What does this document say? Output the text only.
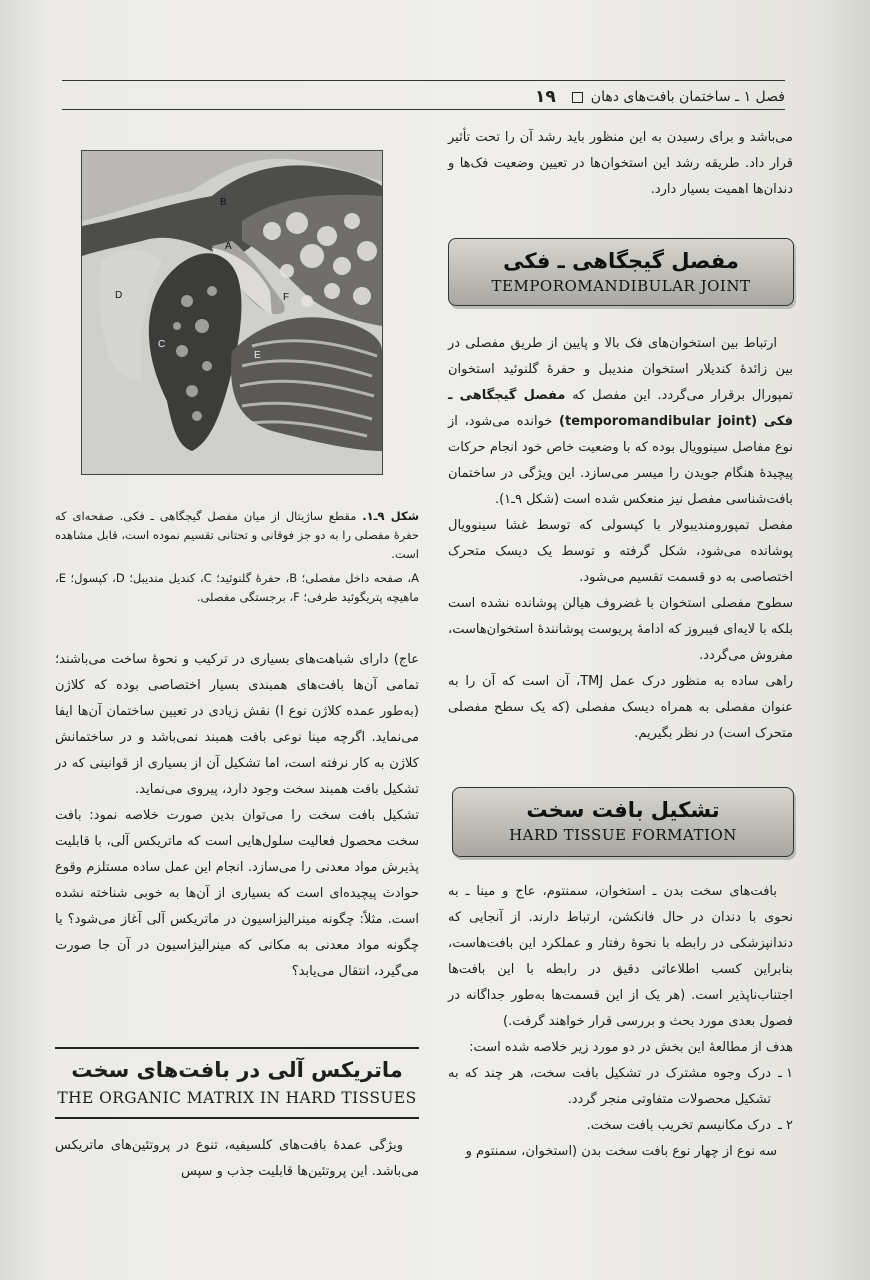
۱۹	فصل ۱ ـ ساختمان بافت‌های دهان

می‌باشد و برای رسیدن به این منظور باید رشد آن را تحت تأثیر قرار داد. طریقه رشد این استخوان‌ها در تعیین وضعیت فک‌ها و دندان‌ها اهمیت بسیار دارد.

مفصل گیجگاهی ـ فکی
TEMPOROMANDIBULAR JOINT

ارتباط بین استخوان‌های فک بالا و پایین از طریق مفصلی در بین زائدهٔ کندیلار استخوان مندیبل و حفرهٔ گلنوئید استخوان تمپورال برقرار می‌گردد. این مفصل که مفصل گیجگاهی ـ فکی (temporomandibular joint) خوانده می‌شود، از نوع مفاصل سینوویال بوده که با وضعیت خاص خود انجام حرکات پیچیدهٔ هنگام جویدن را میسر می‌سازد. این ویژگی در ساختمان بافت‌شناسی مفصل نیز منعکس شده است (شکل ۹ـ۱).

مفصل تمپورومندیبولار با کپسولی که توسط غشا سینوویال پوشانده می‌شود، شکل گرفته و توسط یک دیسک متحرک اختصاصی به دو قسمت تقسیم می‌شود.

سطوح مفصلی استخوان با غضروف هیالن پوشانده نشده است بلکه با لایه‌ای فیبروز که ادامهٔ پریوست پوشانندهٔ استخوان‌هاست، مفروش می‌گردد.

راهی ساده به منظور درک عمل TMJ، آن است که آن را به عنوان مفصلی به همراه دیسک مفصلی (که یک سطح مفصلی متحرک است) در نظر بگیریم.

تشکیل بافت سخت
HARD TISSUE FORMATION

بافت‌های سخت بدن ـ استخوان، سمنتوم، عاج و مینا ـ به نحوی با دندان در حال فانکشن، ارتباط دارند. از آنجایی که دندانپزشکی در رابطه با نحوهٔ رفتار و عملکرد این بافت‌هاست، بنابراین کسب اطلاعاتی دقیق در رابطه با این بافت‌ها اجتناب‌ناپذیر است. (هر یک از این قسمت‌ها به‌طور جداگانه در فصول بعدی مورد بحث و بررسی قرار خواهند گرفت.)

هدف از مطالعهٔ این بخش در دو مورد زیر خلاصه شده است:

۱ ـ
درک وجوه مشترک در تشکیل بافت سخت، هر چند که به تشکیل محصولات متفاوتی منجر گردد.
۲ ـ
درک مکانیسم تخریب بافت سخت.

سه نوع از چهار نوع بافت سخت بدن (استخوان، سمنتوم و

A
B
C
D
E
F
شکل ۹ـ۱. مقطع ساژیتال از میان مفصل گیجگاهی ـ فکی. صفحه‌ای که حفرهٔ مفصلی را به دو جز فوقانی و تحتانی تقسیم نموده است، قابل مشاهده است.
A، صفحه داخل مفصلی؛ B، حفرهٔ گلنوئید؛ C، کندیل مندیبل؛ D، کپسول؛ E، ماهیچه پتریگوئید طرفی؛ F، برجستگی مفصلی.

عاج) دارای شباهت‌های بسیاری در ترکیب و نحوهٔ ساخت می‌باشند؛ تمامی آن‌ها بافت‌های همبندی بسیار اختصاصی بوده که کلاژن (به‌طور عمده کلاژن نوع I) نقش زیادی در تعیین ساختمان آن‌ها ایفا می‌نماید. اگرچه مینا نوعی بافت همبند نمی‌باشد و در ساختمانش کلاژن به کار نرفته است، اما تشکیل آن از بسیاری از قوانینی که در تشکیل بافت همبند سخت وجود دارد، پیروی می‌نماید.

تشکیل بافت سخت را می‌توان بدین صورت خلاصه نمود: بافت سخت محصول فعالیت سلول‌هایی است که ماتریکس آلی، با قابلیت پذیرش مواد معدنی را می‌سازد. انجام این عمل ساده مستلزم وقوع حوادث پیچیده‌ای است که بسیاری از آن‌ها به خوبی شناخته نشده است. مثلاً: چگونه مینرالیزاسیون در ماتریکس آلی آغاز می‌شود؟ یا چگونه مواد معدنی به مکانی که مینرالیزاسیون در آن جا صورت می‌گیرد، انتقال می‌یابد؟

ماتریکس آلی در بافت‌های سخت
THE ORGANIC MATRIX IN HARD TISSUES
ویژگی عمدهٔ بافت‌های کلسیفیه، تنوع در پروتئین‌های ماتریکس می‌باشد. این پروتئین‌ها قابلیت جذب و سپس
